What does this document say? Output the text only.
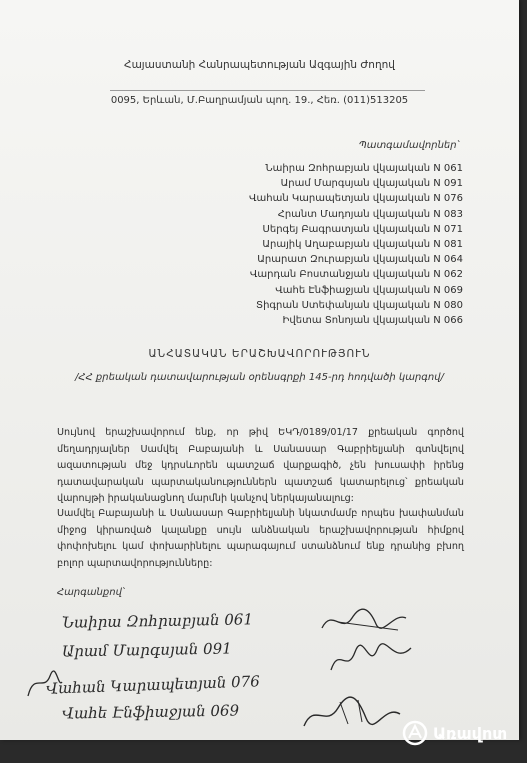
Հայաստանի Հանրապետության Ազգային Ժողով
0095, Երևան, Մ.Բաղրամյան պող. 19., Հեռ. (011)513205
Պատգամավորներ՝
Նաիրա Զոհրաբյան վկայական N 061
Արամ Մարգսյան վկայական N 091
Վահան Կարապետյան վկայական N 076
Հրանտ Մադոյան վկայական N 083
Սերգեյ Բագրատյան վկայական N 071
Արայիկ Աղաբաբյան վկայական N 081
Արարատ Զուրաբյան վկայական N 064
Վարդան Բոստանջյան վկայական N 062
Վահե Էնֆիաջյան վկայական N 069
Տիգրան Ստեփանյան վկայական N 080
Իվետա Տոնոյան վկայական N 066
ԱՆՀԱՏԱԿԱՆ ԵՐԱՇԽԱՎՈՐՈՒԹՅՈՒՆ
/ՀՀ քրեական դատավարության օրենսգրքի 145-րդ հոդվածի կարգով/
Սույնով երաշխավորում ենք, որ թիվ ԵԿԴ/0189/01/17 քրեական գործով մեղադրյալներ Սամվել Բաբայանի և Սանասար Գաբրիելյանի գտնվելով ազատության մեջ կդրսևորեն պատշաճ վարքագիծ, չեն խուսափի իրենց դատավարական պարտականություններն պատշաճ կատարելուց՝ քրեական վարույթի իրականացնող մարմնի կանչով ներկայանալուց:
Սամվել Բաբայանի և Սանասար Գաբրիելյանի նկատմամբ որպես խափանման միջոց կիրառված կալանքը սույն անձնական երաշխավորության հիմքով փոփոխելու կամ փոխարինելու պարագայում ստանձնում ենք դրանից բխող բոլոր պարտավորությունները:
Հարգանքով՝
Նաիրա Զոհրաբյան 061
Արամ Մարգսյան 091
Վահան Կարապետյան 076
Վահե Էնֆիաջյան 069
Առավոտ
